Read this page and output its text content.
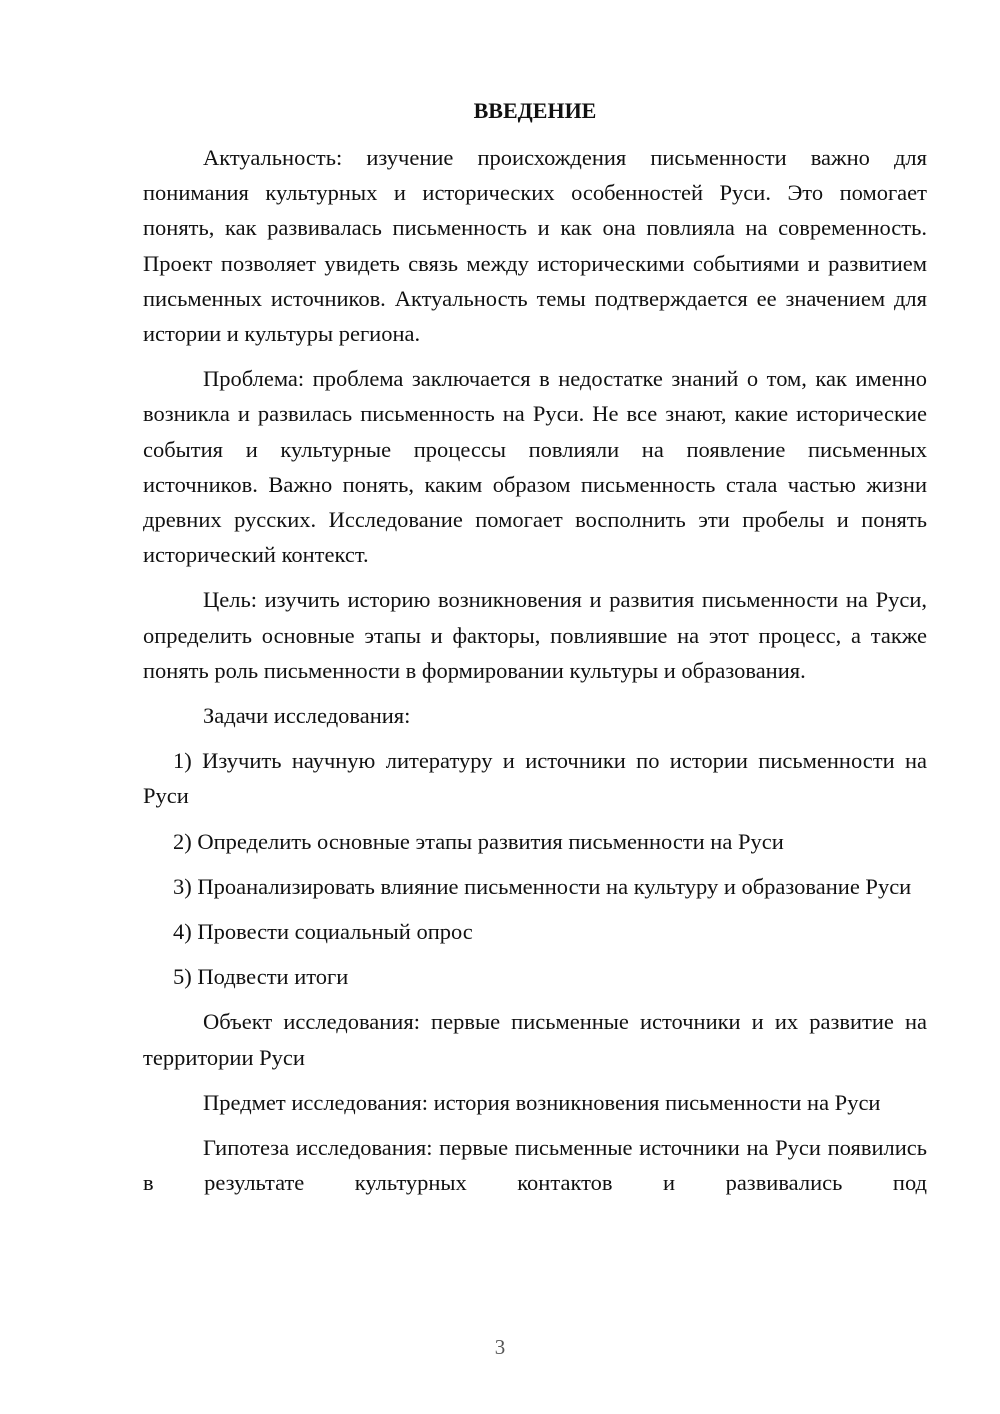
ВВЕДЕНИЕ

Актуальность: изучение происхождения письменности важно для понимания культурных и исторических особенностей Руси. Это помогает понять, как развивалась письменность и как она повлияла на современность. Проект позволяет увидеть связь между историческими событиями и развитием письменных источников. Актуальность темы подтверждается ее значением для истории и культуры региона.

Проблема: проблема заключается в недостатке знаний о том, как именно возникла и развилась письменность на Руси. Не все знают, какие исторические события и культурные процессы повлияли на появление письменных источников. Важно понять, каким образом письменность стала частью жизни древних русских. Исследование помогает восполнить эти пробелы и понять исторический контекст.

Цель: изучить историю возникновения и развития письменности на Руси, определить основные этапы и факторы, повлиявшие на этот процесс, а также понять роль письменности в формировании культуры и образования.

Задачи исследования:

1) Изучить научную литературу и источники по истории письменности на Руси

2) Определить основные этапы развития письменности на Руси

3) Проанализировать влияние письменности на культуру и образование Руси

4) Провести социальный опрос

5) Подвести итоги

Объект исследования: первые письменные источники и их развитие на территории Руси

Предмет исследования: история возникновения письменности на Руси

Гипотеза исследования: первые письменные источники на Руси появились в результате культурных контактов и развивались под

3
